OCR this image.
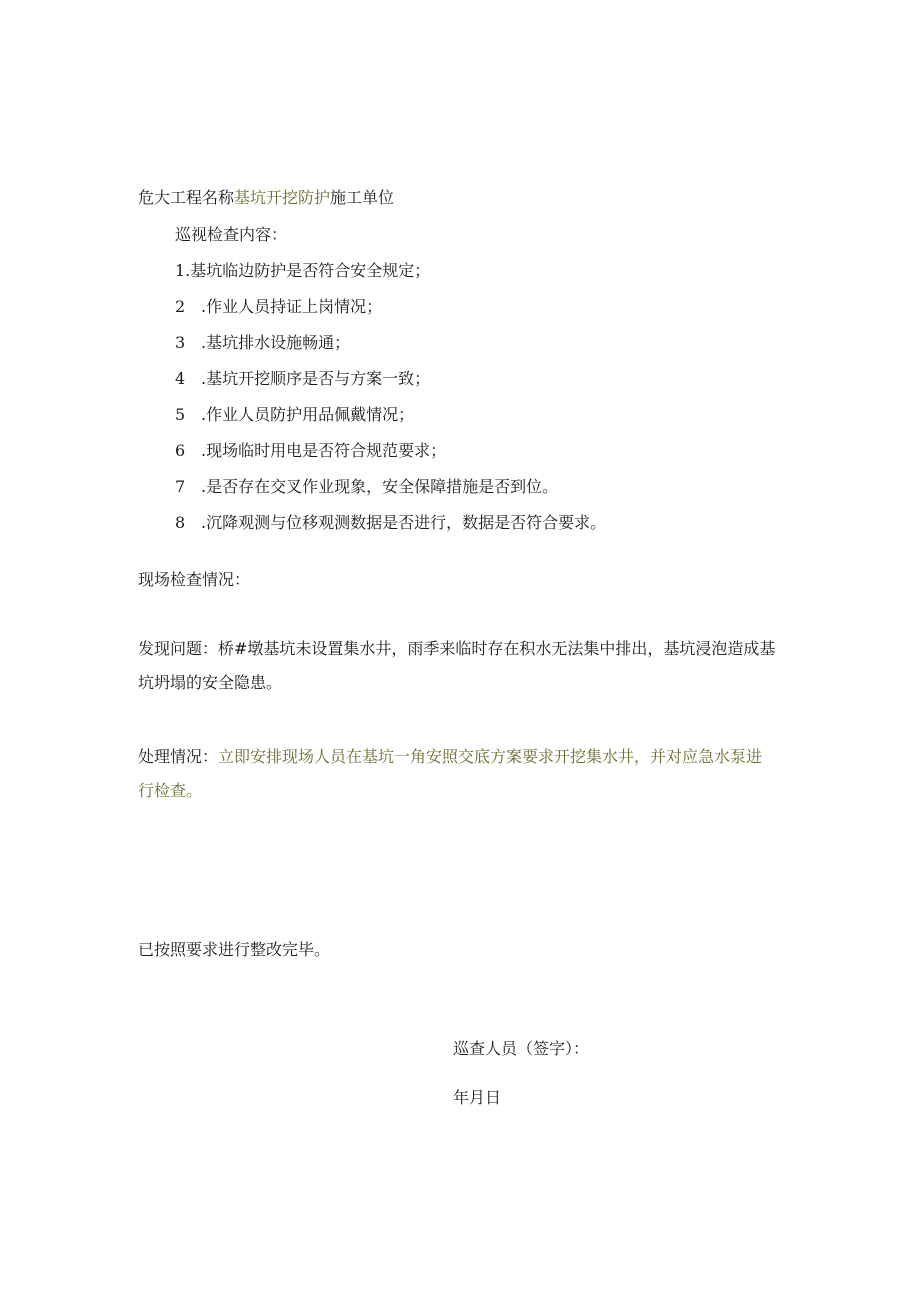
危大工程名称基坑开挖防护施工单位
巡视检查内容：
1.基坑临边防护是否符合安全规定；
2 .作业人员持证上岗情况；
3 .基坑排水设施畅通；
4 .基坑开挖顺序是否与方案一致；
5 .作业人员防护用品佩戴情况；
6 .现场临时用电是否符合规范要求；
7 .是否存在交叉作业现象，安全保障措施是否到位。
8 .沉降观测与位移观测数据是否进行，数据是否符合要求。
现场检查情况：
发现问题：桥#墩基坑未设置集水井，雨季来临时存在积水无法集中排出，基坑浸泡造成基坑坍塌的安全隐患。
处理情况：立即安排现场人员在基坑一角安照交底方案要求开挖集水井，并对应急水泵进行检查。
已按照要求进行整改完毕。
巡查人员（签字）：
年月日
